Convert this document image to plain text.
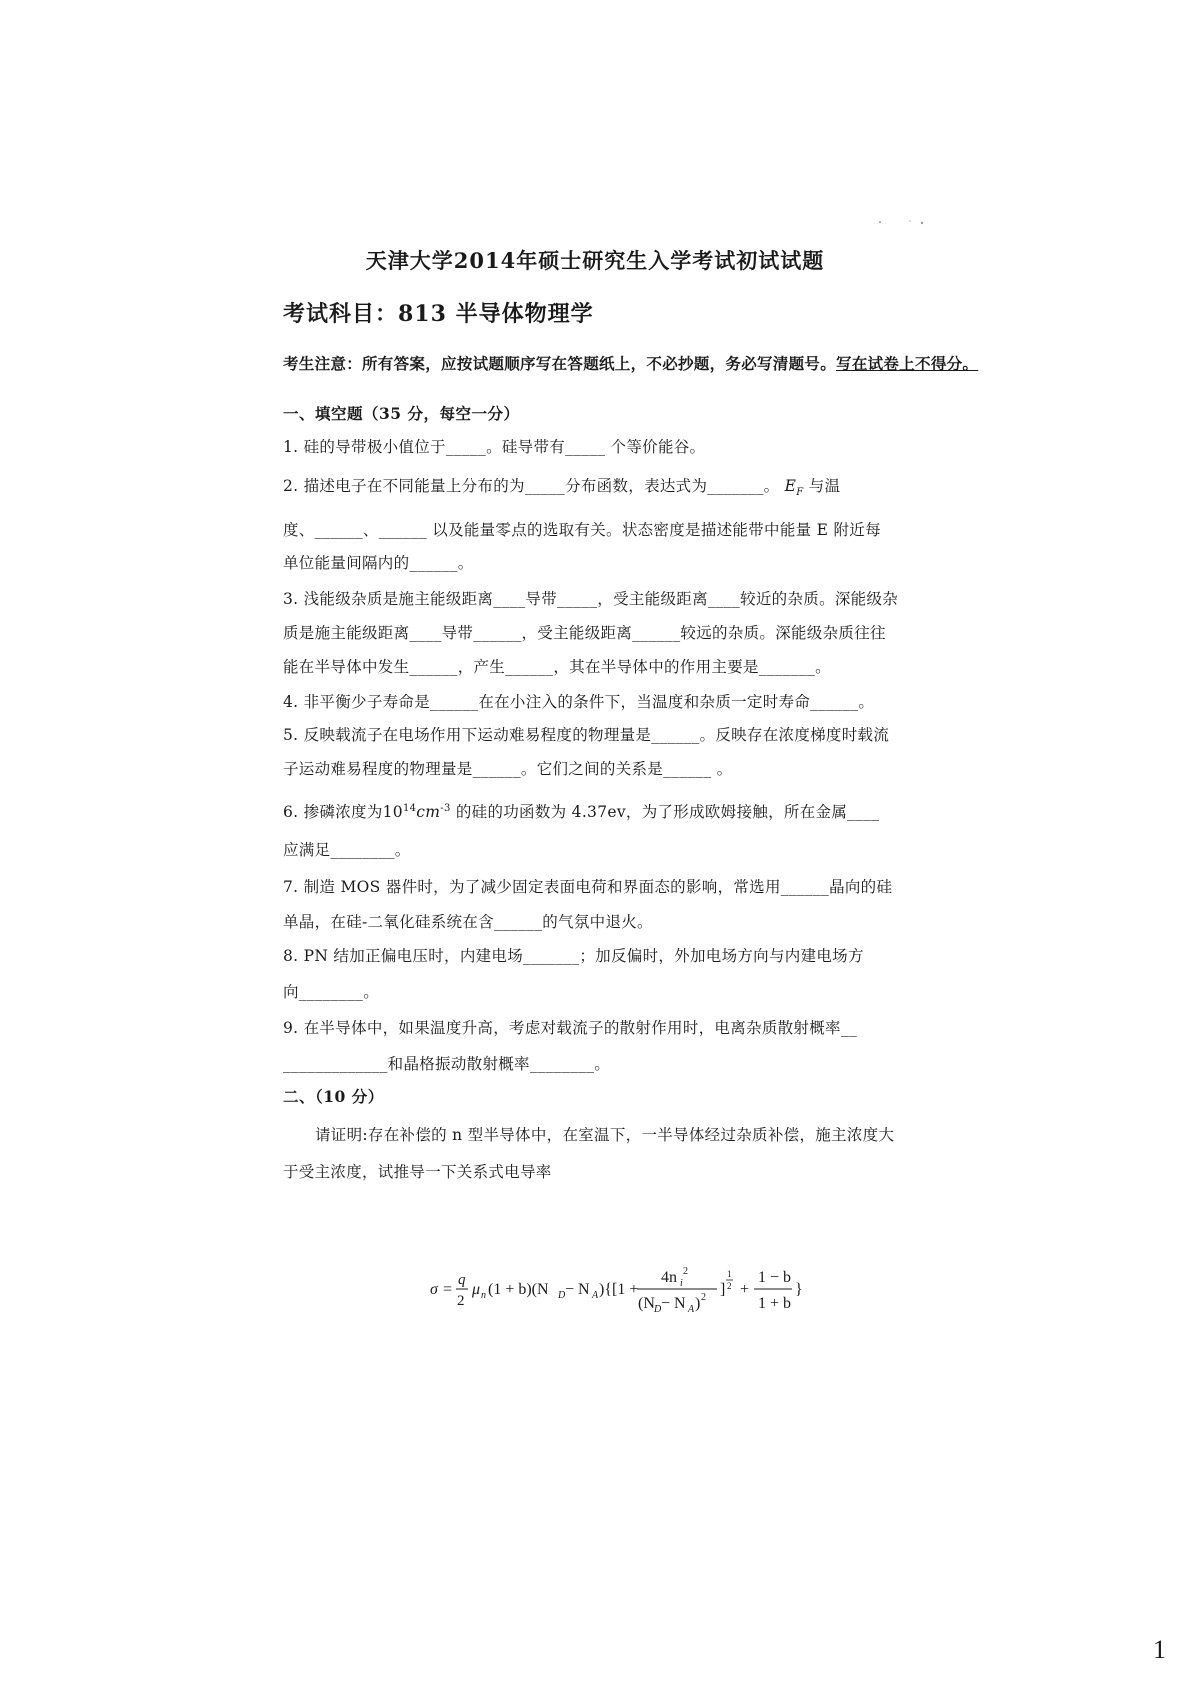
天津大学2014年硕士研究生入学考试初试试题
考试科目：813 半导体物理学
考生注意：所有答案，应按试题顺序写在答题纸上，不必抄题，务必写清题号。写在试卷上不得分。
一、填空题（35 分，每空一分）
1. 硅的导带极小值位于_____。硅导带有_____ 个等价能谷。
2. 描述电子在不同能量上分布的为_____分布函数，表达式为_______。 $E_F$ 与温
度、______、______ 以及能量零点的选取有关。状态密度是描述能带中能量 E 附近每
单位能量间隔内的______。
3. 浅能级杂质是施主能级距离____导带_____，受主能级距离____较近的杂质。深能级杂
质是施主能级距离____导带______，受主能级距离______较远的杂质。深能级杂质往往
能在半导体中发生______，产生______，其在半导体中的作用主要是_______。
4. 非平衡少子寿命是______在在小注入的条件下，当温度和杂质一定时寿命______。
5. 反映载流子在电场作用下运动难易程度的物理量是______。反映存在浓度梯度时载流
子运动难易程度的物理量是______。它们之间的关系是______ 。
6. 掺磷浓度为$10^{14}cm^{-3}$ 的硅的功函数为 4.37ev，为了形成欧姆接触，所在金属____
应满足________。
7. 制造 MOS 器件时，为了减少固定表面电荷和界面态的影响，常选用______晶向的硅
单晶，在硅-二氧化硅系统在含______的气氛中退火。
8. PN 结加正偏电压时，内建电场_______；加反偏时，外加电场方向与内建电场方
向________。
9. 在半导体中，如果温度升高，考虑对载流子的散射作用时，电离杂质散射概率__
_____________和晶格振动散射概率________。
二、（10 分）
请证明:存在补偿的 n 型半导体中，在室温下，一半导体经过杂质补偿，施主浓度大
于受主浓度，试推导一下关系式电导率
σ =
q
2
μ n (1 + b)(N D − N A ){[1 +
4n i
2
(N D − N A ) 2 ]
1
2 +
1 − b
1 + b
}
1
